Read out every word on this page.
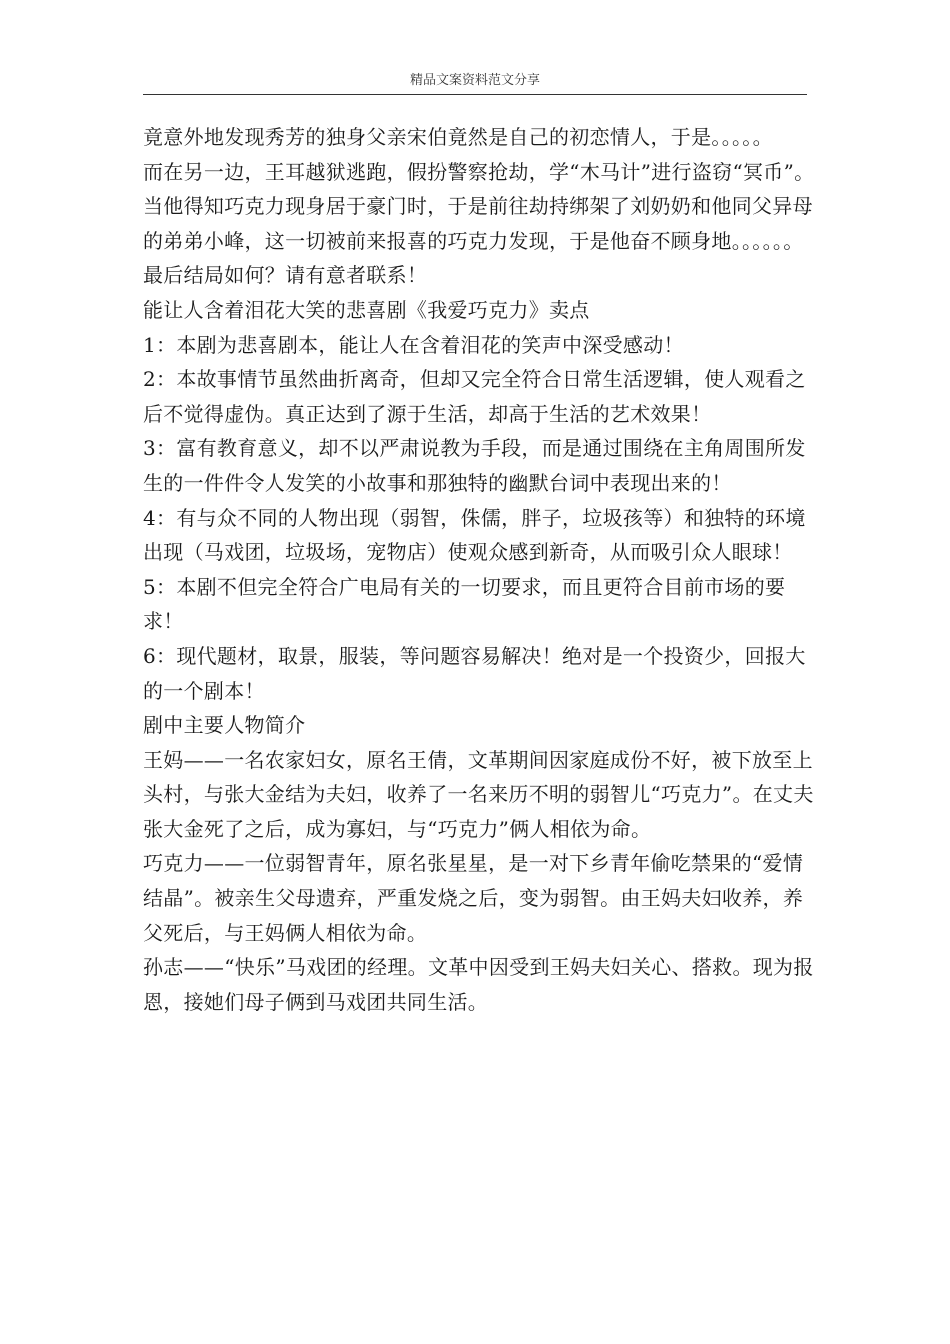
精品文案资料范文分享

竟意外地发现秀芳的独身父亲宋伯竟然是自己的初恋情人，于是。。。。。

而在另一边，王耳越狱逃跑，假扮警察抢劫，学“木马计”进行盗窃“冥币”。当他得知巧克力现身居于豪门时，于是前往劫持绑架了刘奶奶和他同父异母的弟弟小峰，这一切被前来报喜的巧克力发现，于是他奋不顾身地。。。。。。

最后结局如何？请有意者联系！

能让人含着泪花大笑的悲喜剧《我爱巧克力》卖点

1：本剧为悲喜剧本，能让人在含着泪花的笑声中深受感动！

2：本故事情节虽然曲折离奇，但却又完全符合日常生活逻辑，使人观看之后不觉得虚伪。真正达到了源于生活，却高于生活的艺术效果！

3：富有教育意义，却不以严肃说教为手段，而是通过围绕在主角周围所发生的一件件令人发笑的小故事和那独特的幽默台词中表现出来的！

4：有与众不同的人物出现（弱智，侏儒，胖子，垃圾孩等）和独特的环境出现（马戏团，垃圾场，宠物店）使观众感到新奇，从而吸引众人眼球！

5：本剧不但完全符合广电局有关的一切要求，而且更符合目前市场的要求！

6：现代题材，取景，服装，等问题容易解决！绝对是一个投资少，回报大的一个剧本！

剧中主要人物简介

王妈——一名农家妇女，原名王倩，文革期间因家庭成份不好，被下放至上头村，与张大金结为夫妇，收养了一名来历不明的弱智儿“巧克力”。在丈夫张大金死了之后，成为寡妇，与“巧克力”俩人相依为命。

巧克力——一位弱智青年，原名张星星，是一对下乡青年偷吃禁果的“爱情结晶”。被亲生父母遗弃，严重发烧之后，变为弱智。由王妈夫妇收养，养父死后，与王妈俩人相依为命。

孙志——“快乐”马戏团的经理。文革中因受到王妈夫妇关心、搭救。现为报恩，接她们母子俩到马戏团共同生活。
